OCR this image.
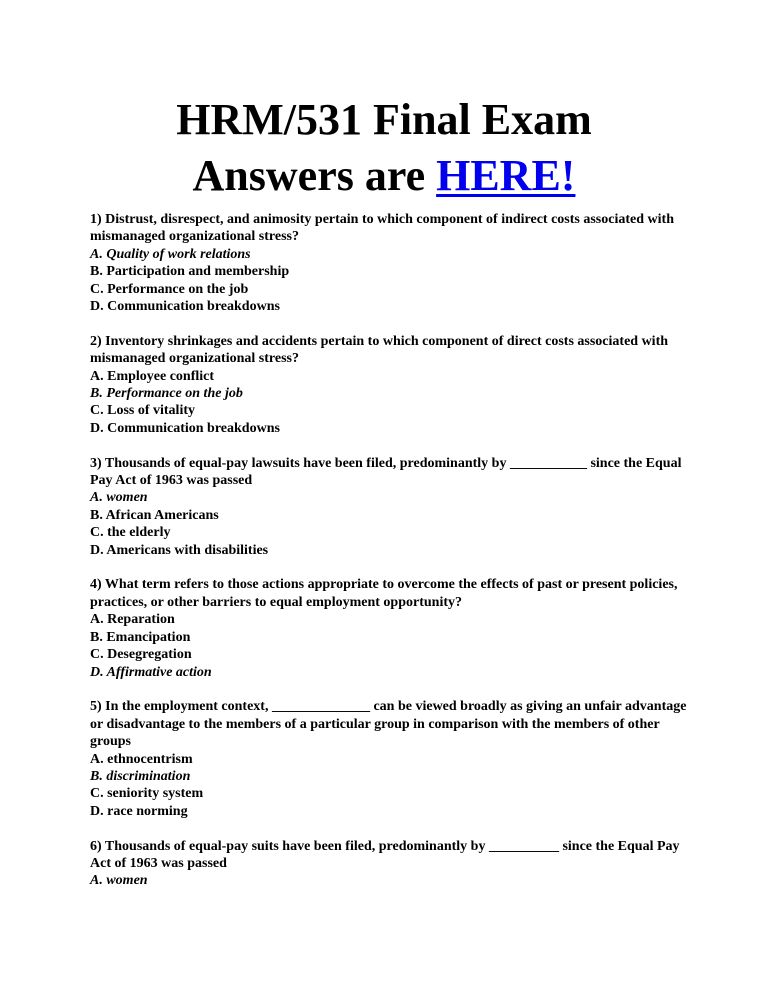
HRM/531 Final Exam
Answers are HERE!
1) Distrust, disrespect, and animosity pertain to which component of indirect costs associated with mismanaged organizational stress?
A. Quality of work relations
B. Participation and membership
C. Performance on the job
D. Communication breakdowns
2) Inventory shrinkages and accidents pertain to which component of direct costs associated with mismanaged organizational stress?
A. Employee conflict
B. Performance on the job
C. Loss of vitality
D. Communication breakdowns
3) Thousands of equal-pay lawsuits have been filed, predominantly by ___________ since the Equal Pay Act of 1963 was passed
A. women
B. African Americans
C. the elderly
D. Americans with disabilities
4) What term refers to those actions appropriate to overcome the effects of past or present policies, practices, or other barriers to equal employment opportunity?
A. Reparation
B. Emancipation
C. Desegregation
D. Affirmative action
5) In the employment context, ______________ can be viewed broadly as giving an unfair advantage or disadvantage to the members of a particular group in comparison with the members of other groups
A. ethnocentrism
B. discrimination
C. seniority system
D. race norming
6) Thousands of equal-pay suits have been filed, predominantly by __________ since the Equal Pay Act of 1963 was passed
A. women
